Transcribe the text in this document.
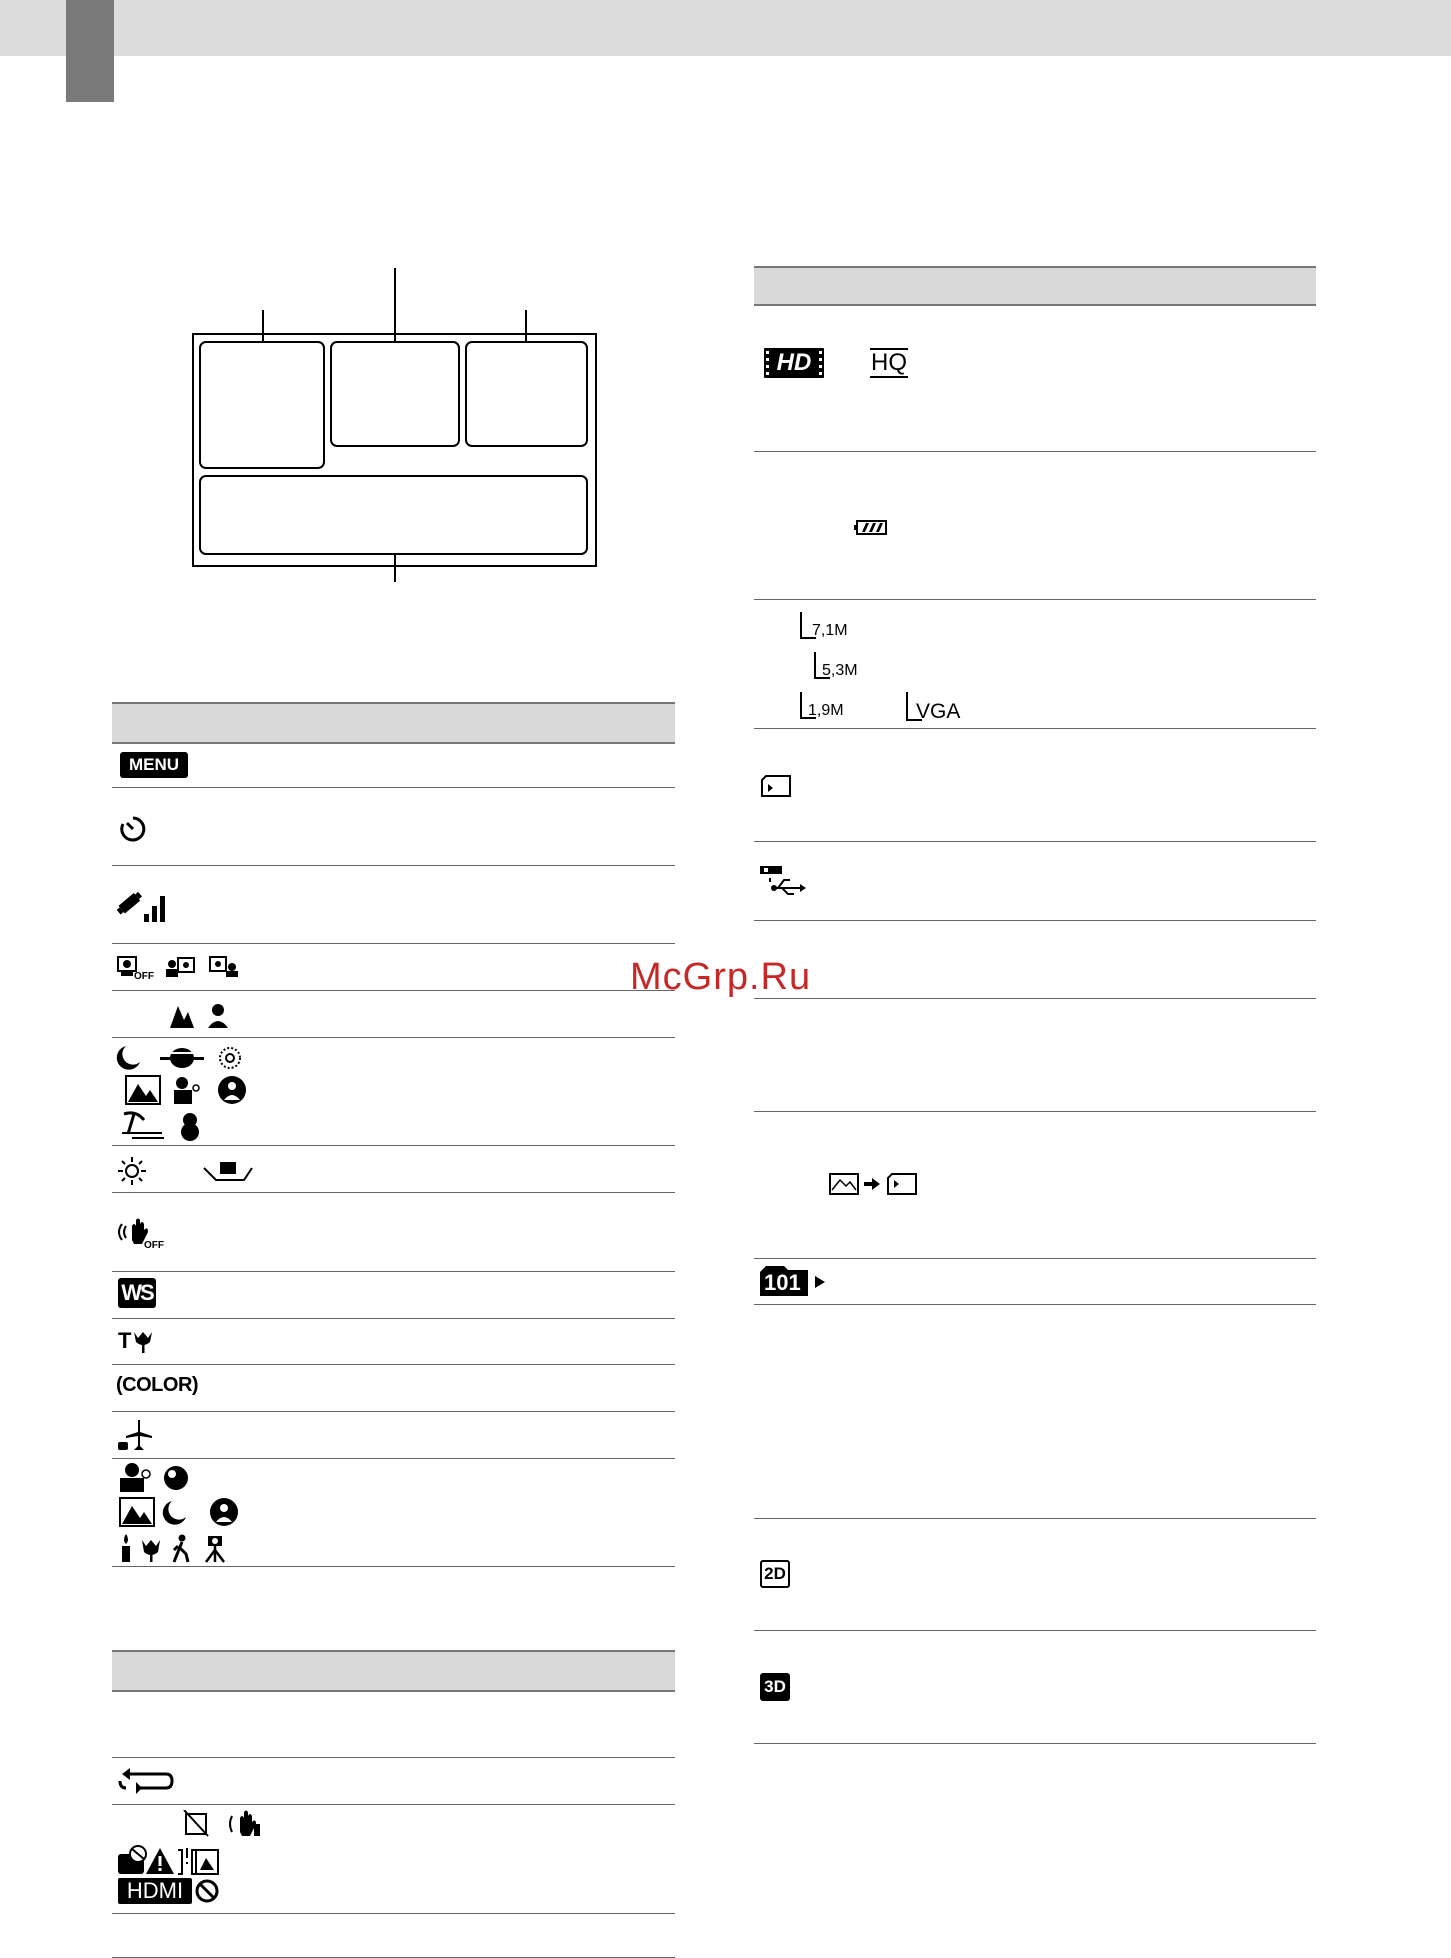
MENU
OFF
OFF
WS
T
(COLOR)
HDMI
HD	HQ
7,1M
5,3M
1,9M	VGA
101
2D
3D
McGrp.Ru
